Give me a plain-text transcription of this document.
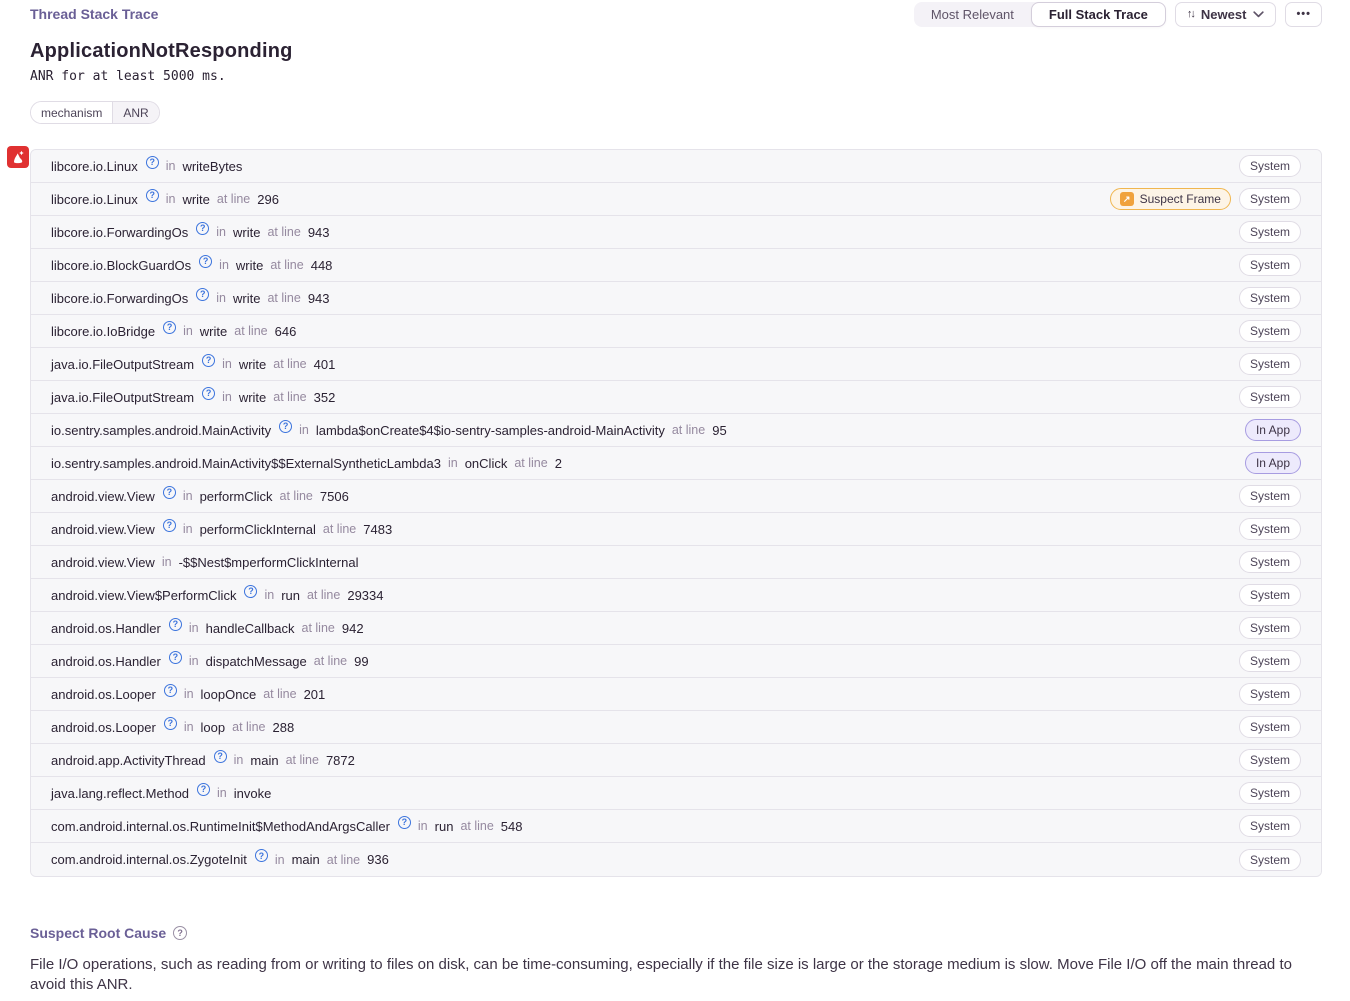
Thread Stack Trace	Most Relevant	Full Stack Trace	↑↓ Newest	•••
ApplicationNotResponding
ANR for at least 5000 ms.
mechanism	ANR
libcore.io.Linux	? in writeBytes	System
libcore.io.Linux	? in write at line 296	↗ Suspect Frame	System
libcore.io.ForwardingOs	? in write at line 943	System
libcore.io.BlockGuardOs	? in write at line 448	System
libcore.io.ForwardingOs	? in write at line 943	System
libcore.io.IoBridge	? in write at line 646	System
java.io.FileOutputStream	? in write at line 401	System
java.io.FileOutputStream	? in write at line 352	System
io.sentry.samples.android.MainActivity	? in lambda$onCreate$4$io-sentry-samples-android-MainActivity at line 95	In App
io.sentry.samples.android.MainActivity$$ExternalSyntheticLambda3 in onClick at line 2	In App
android.view.View	? in performClick at line 7506	System
android.view.View	? in performClickInternal at line 7483	System
android.view.View in -$$Nest$mperformClickInternal	System
android.view.View$PerformClick	? in run at line 29334	System
android.os.Handler	? in handleCallback at line 942	System
android.os.Handler	? in dispatchMessage at line 99	System
android.os.Looper	? in loopOnce at line 201	System
android.os.Looper	? in loop at line 288	System
android.app.ActivityThread	? in main at line 7872	System
java.lang.reflect.Method	? in invoke	System
com.android.internal.os.RuntimeInit$MethodAndArgsCaller	? in run at line 548	System
com.android.internal.os.ZygoteInit	? in main at line 936	System
Suspect Root Cause	?

File I/O operations, such as reading from or writing to files on disk, can be time-consuming, especially if the file size is large or the storage medium is slow. Move File I/O off the main thread to avoid this ANR.
